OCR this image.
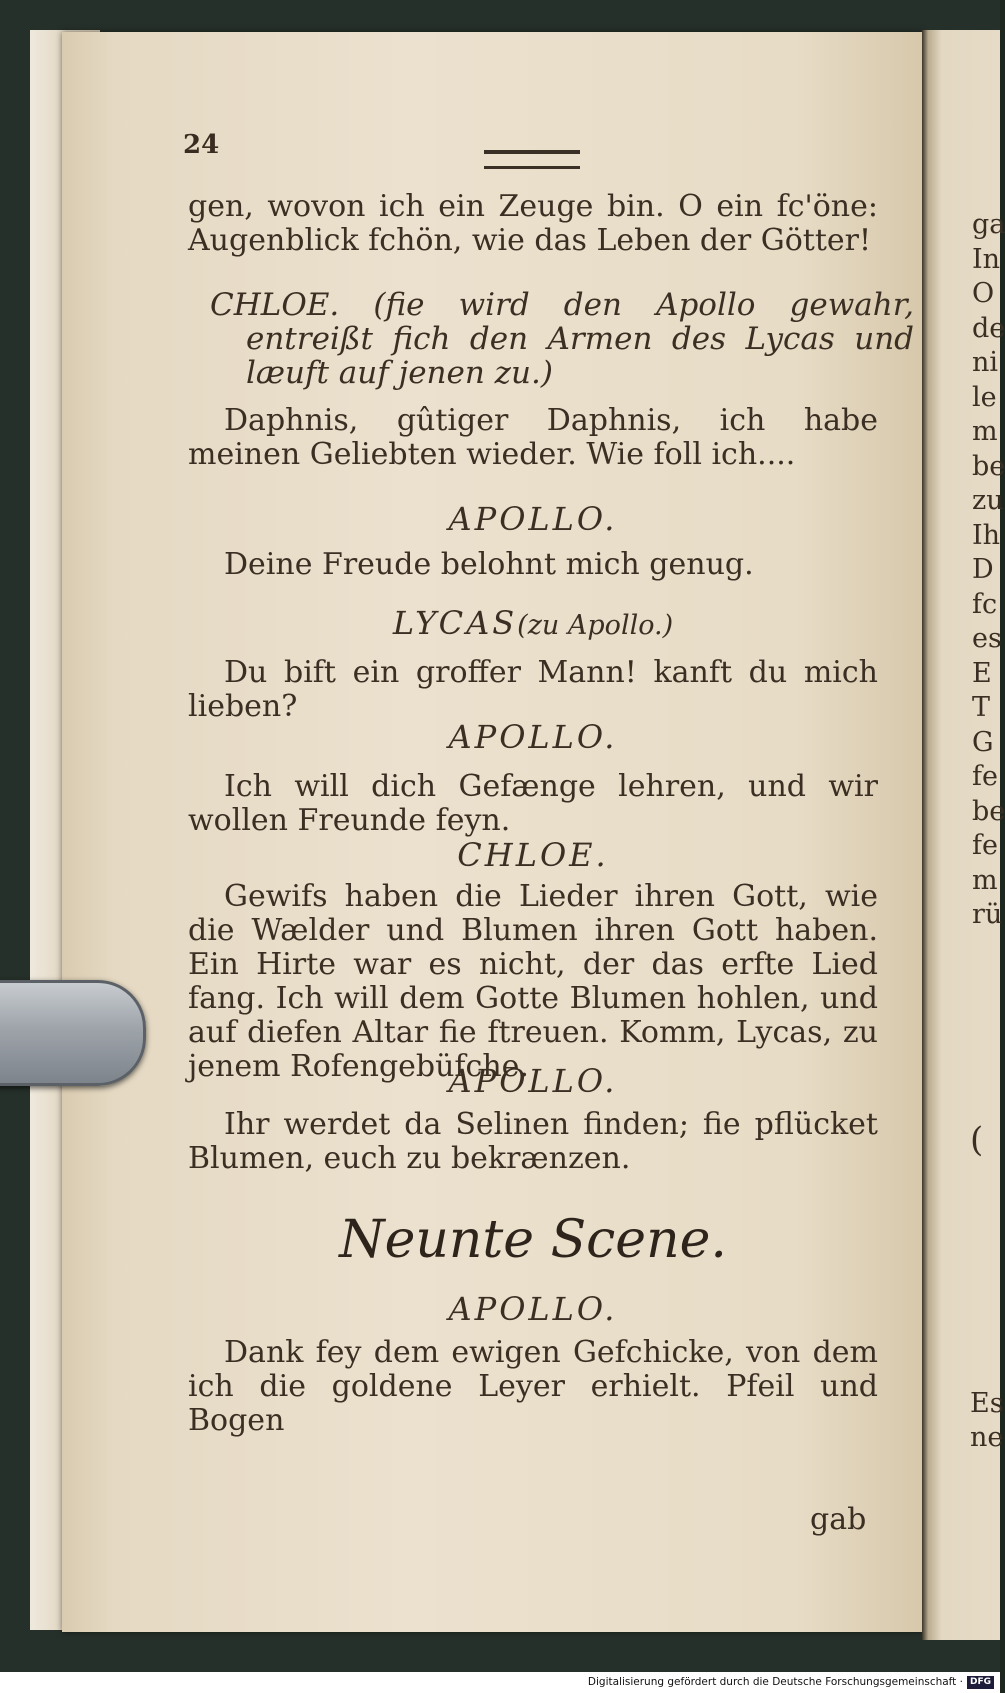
24
gen, wovon ich ein Zeuge bin. O ein fc'öne: Augenblick fchön, wie das Leben der Götter!
CHLOE. (fie wird den Apollo gewahr, entreißt fich den Armen des Lycas und læuft auf jenen zu.)
Daphnis, gûtiger Daphnis, ich habe meinen Geliebten wieder. Wie foll ich....
APOLLO.
Deine Freude belohnt mich genug.
LYCAS(zu Apollo.)
Du bift ein groffer Mann! kanft du mich lieben?
APOLLO.
Ich will dich Gefænge lehren, und wir wollen Freunde feyn.
CHLOE.
Gewifs haben die Lieder ihren Gott, wie die Wælder und Blumen ihren Gott haben. Ein Hirte war es nicht, der das erfte Lied fang. Ich will dem Gotte Blumen hohlen, und auf diefen Altar fie ftreuen. Komm, Lycas, zu jenem Rofengebüfche.
APOLLO.
Ihr werdet da Selinen finden; fie pflücket Blumen, euch zu bekrænzen.
Neunte Scene.
APOLLO.
Dank fey dem ewigen Gefchicke, von dem ich die goldene Leyer erhielt. Pfeil und Bogen
gab
ga
In
O
de
ni
le
m
be
zu
Ih
D
fc
es
E
T
G
fe
be
fe
m
rü
(
Es
ne
Digitalisierung gefördert durch die Deutsche Forschungsgemeinschaft · DFG
